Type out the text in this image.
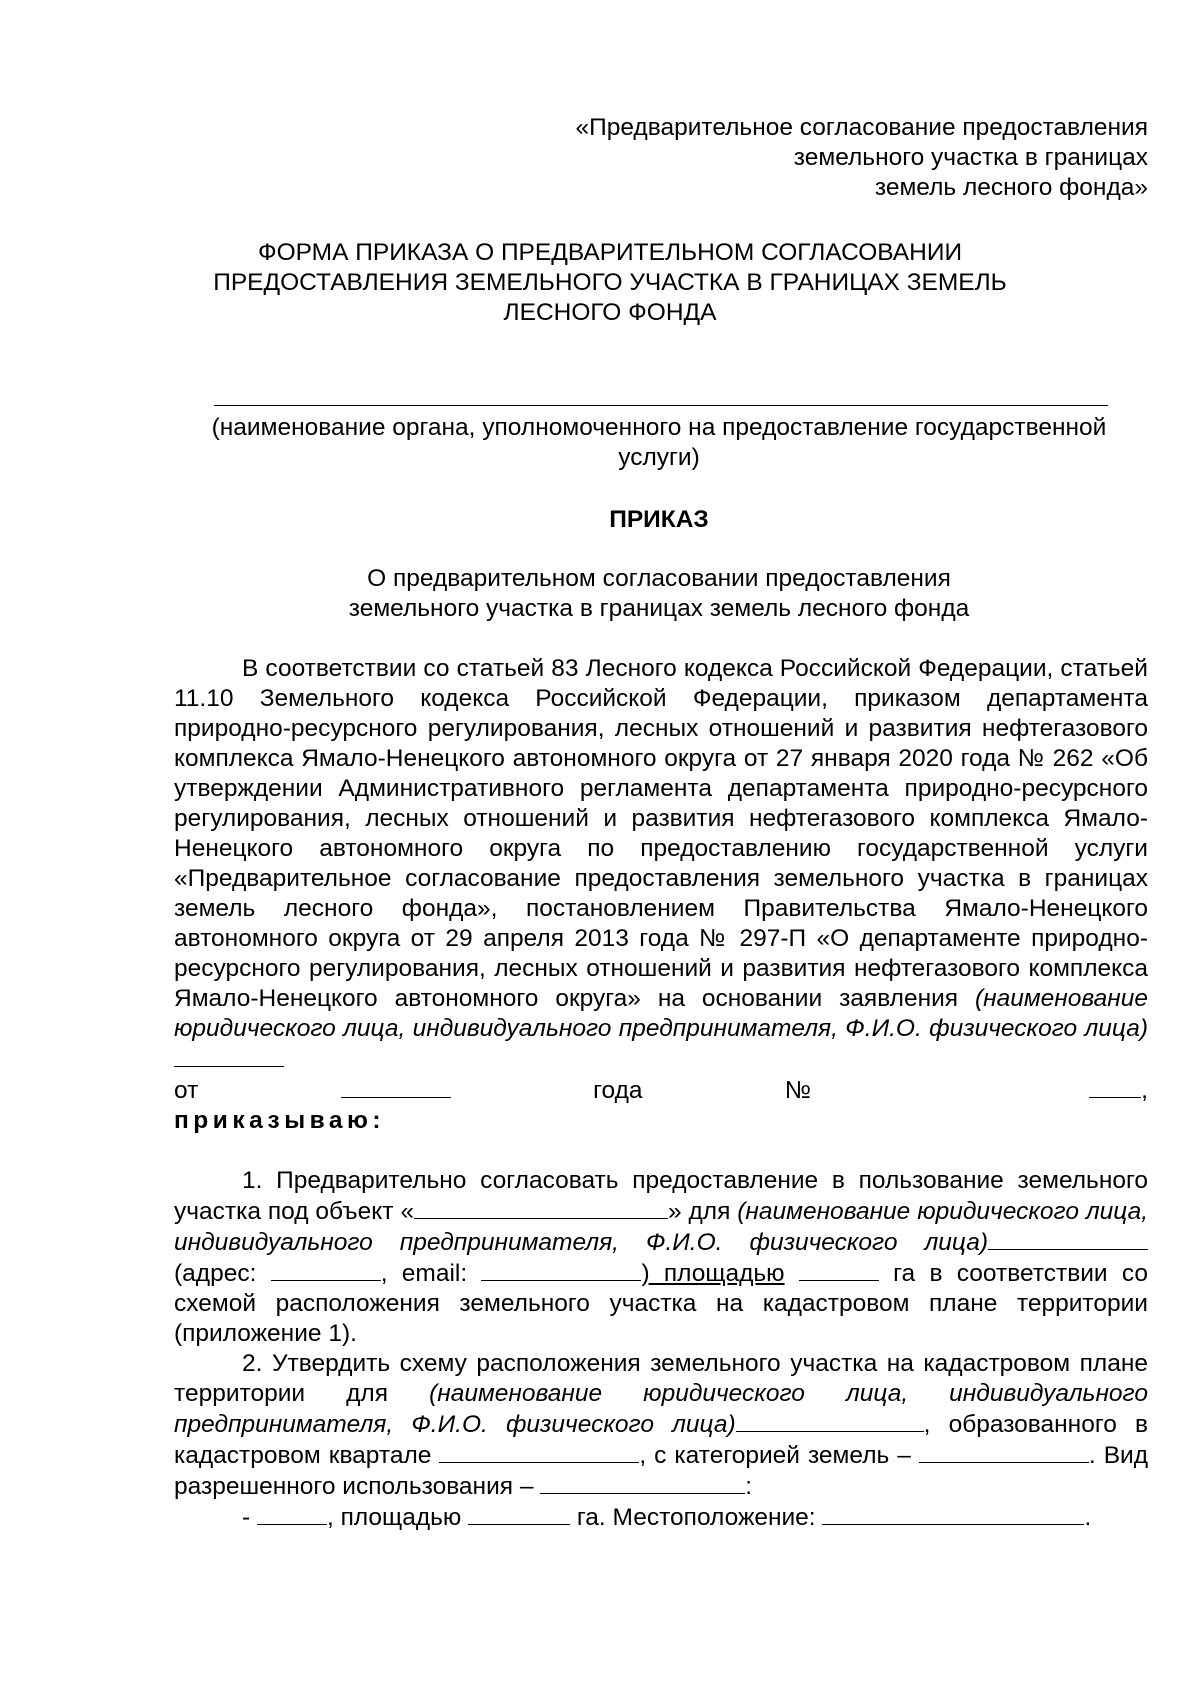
«Предварительное согласование предоставления
земельного участка в границах
земель лесного фонда»
ФОРМА ПРИКАЗА О ПРЕДВАРИТЕЛЬНОМ СОГЛАСОВАНИИ
ПРЕДОСТАВЛЕНИЯ ЗЕМЕЛЬНОГО УЧАСТКА В ГРАНИЦАХ ЗЕМЕЛЬ
ЛЕСНОГО ФОНДА
(наименование органа, уполномоченного на предоставление государственной услуги)
ПРИКАЗ
О предварительном согласовании предоставления
земельного участка в границах земель лесного фонда

В соответствии со статьей 83 Лесного кодекса Российской Федерации, статьей 11.10 Земельного кодекса Российской Федерации, приказом департамента природно-ресурсного регулирования, лесных отношений и развития нефтегазового комплекса Ямало-Ненецкого автономного округа от 27 января 2020 года № 262 «Об утверждении Административного регламента департамента природно-ресурсного регулирования, лесных отношений и развития нефтегазового комплекса Ямало-Ненецкого автономного округа по предоставлению государственной услуги «Предварительное согласование предоставления земельного участка в границах земель лесного фонда», постановлением Правительства Ямало-Ненецкого автономного округа от 29 апреля 2013 года № 297-П «О департаменте природно-ресурсного регулирования, лесных отношений и развития нефтегазового комплекса Ямало-Ненецкого автономного округа» на основании заявления (наименование юридического лица, индивидуального предпринимателя, Ф.И.О. физического лица)

от	года	№	,
приказываю:

1. Предварительно согласовать предоставление в пользование земельного участка под объект «	» для (наименование юридического лица, индивидуального предпринимателя, Ф.И.О. физического лица) (адрес:	, email:	) площадью	га в соответствии со схемой расположения земельного участка на кадастровом плане территории (приложение 1).

2. Утвердить схему расположения земельного участка на кадастровом плане территории для (наименование юридического лица, индивидуального предпринимателя, Ф.И.О. физического лица)	, образованного в кадастровом квартале	, с категорией земель –	. Вид разрешенного использования –	:

-	, площадью	га. Местоположение:	.
